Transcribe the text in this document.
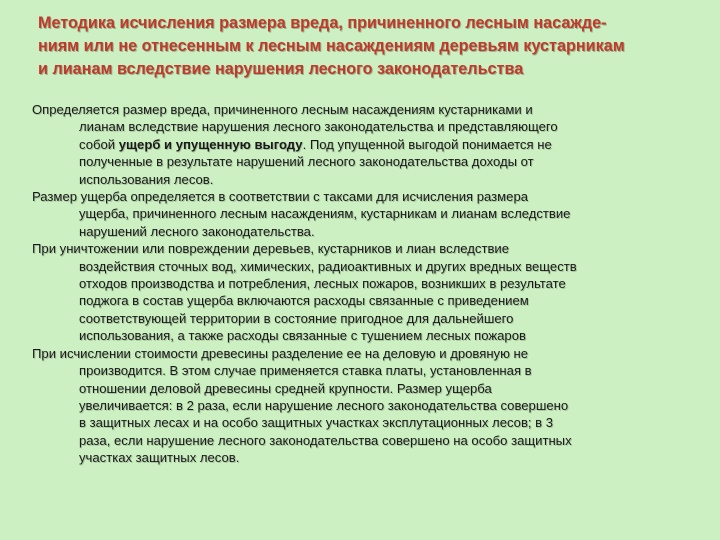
Методика исчисления размера вреда, причиненного лесным насажде-
ниям или не отнесенным к лесным насаждениям деревьям кустарникам
и лианам вследствие нарушения лесного законодательства

Определяется размер вреда, причиненного лесным насаждениям кустарниками и
лианам вследствие нарушения лесного законодательства и представляющего
собой ущерб и упущенную выгоду. Под упущенной выгодой понимается не
полученные в результате нарушений лесного законодательства доходы от
использования лесов.

Размер ущерба определяется в соответствии с таксами для исчисления размера
ущерба, причиненного лесным насаждениям, кустарникам и лианам вследствие
нарушений лесного законодательства.

При уничтожении или повреждении деревьев, кустарников и лиан вследствие
воздействия сточных вод, химических, радиоактивных и других вредных веществ
отходов производства и потребления, лесных пожаров, возникших в результате
поджога в состав ущерба включаются расходы связанные с приведением
соответствующей территории в состояние пригодное для дальнейшего
использования, а также расходы связанные с тушением лесных пожаров

При исчислении стоимости древесины разделение ее на деловую и дровяную не
производится. В этом случае применяется ставка платы, установленная в
отношении деловой древесины средней крупности. Размер ущерба
увеличивается: в 2 раза, если нарушение лесного законодательства совершено
в защитных лесах и на особо защитных участках эксплутационных лесов; в 3
раза, если нарушение лесного законодательства совершено на особо защитных
участках защитных лесов.
